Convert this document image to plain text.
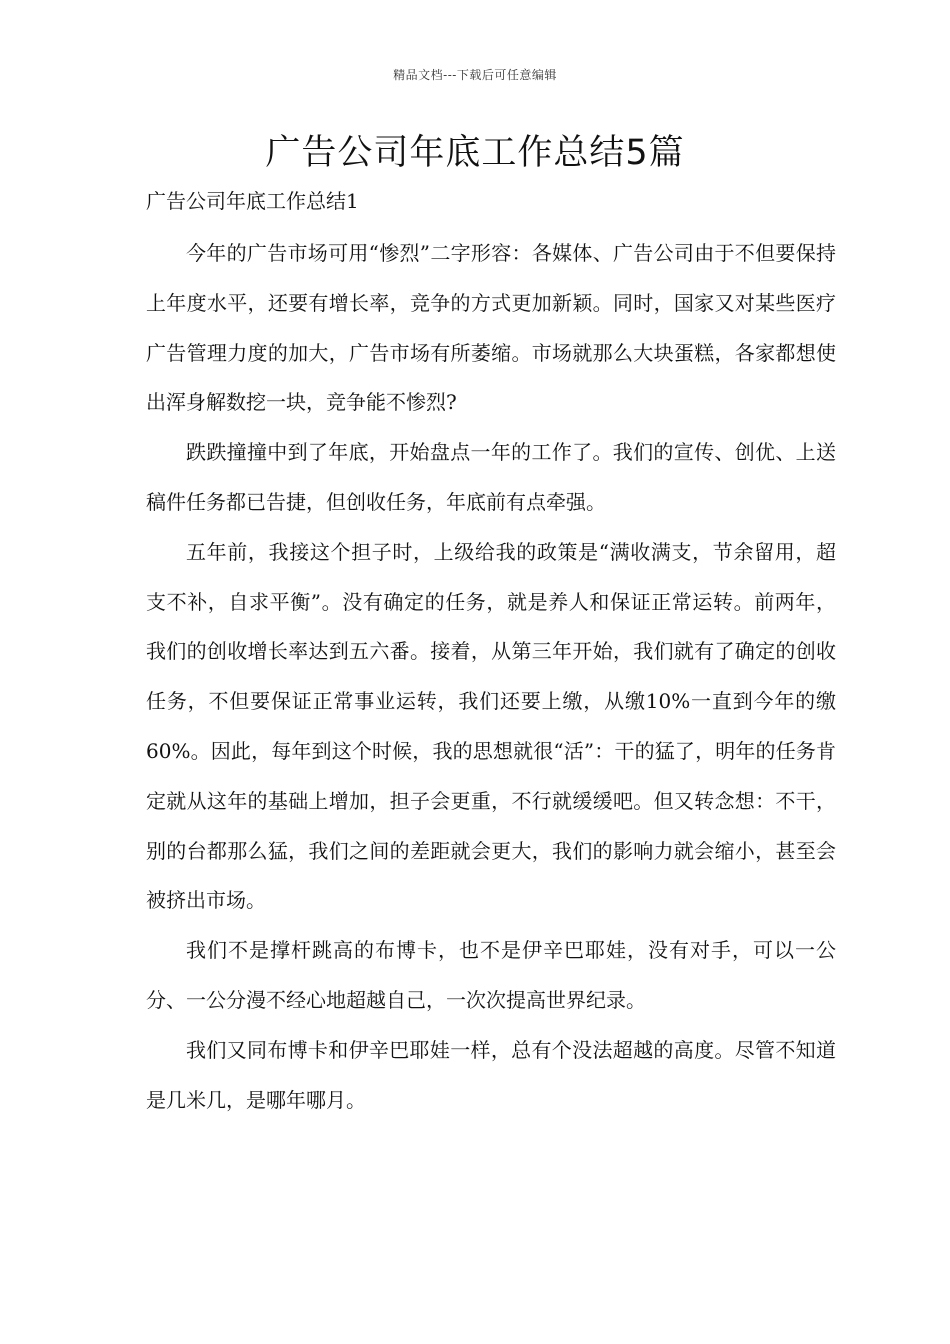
精品文档---下载后可任意编辑
广告公司年底工作总结5篇
广告公司年底工作总结1

今年的广告市场可用“惨烈”二字形容：各媒体、广告公司由于不但要保持上年度水平，还要有增长率，竞争的方式更加新颖。同时，国家又对某些医疗广告管理力度的加大，广告市场有所萎缩。市场就那么大块蛋糕，各家都想使出浑身解数挖一块，竞争能不惨烈?

跌跌撞撞中到了年底，开始盘点一年的工作了。我们的宣传、创优、上送稿件任务都已告捷，但创收任务，年底前有点牵强。

五年前，我接这个担子时，上级给我的政策是“满收满支，节余留用，超支不补，自求平衡”。没有确定的任务，就是养人和保证正常运转。前两年，我们的创收增长率达到五六番。接着，从第三年开始，我们就有了确定的创收任务，不但要保证正常事业运转，我们还要上缴，从缴10%一直到今年的缴60%。因此，每年到这个时候，我的思想就很“活”：干的猛了，明年的任务肯定就从这年的基础上增加，担子会更重，不行就缓缓吧。但又转念想：不干，别的台都那么猛，我们之间的差距就会更大，我们的影响力就会缩小，甚至会被挤出市场。

我们不是撑杆跳高的布博卡，也不是伊辛巴耶娃，没有对手，可以一公分、一公分漫不经心地超越自己，一次次提高世界纪录。

我们又同布博卡和伊辛巴耶娃一样，总有个没法超越的高度。尽管不知道是几米几，是哪年哪月。
